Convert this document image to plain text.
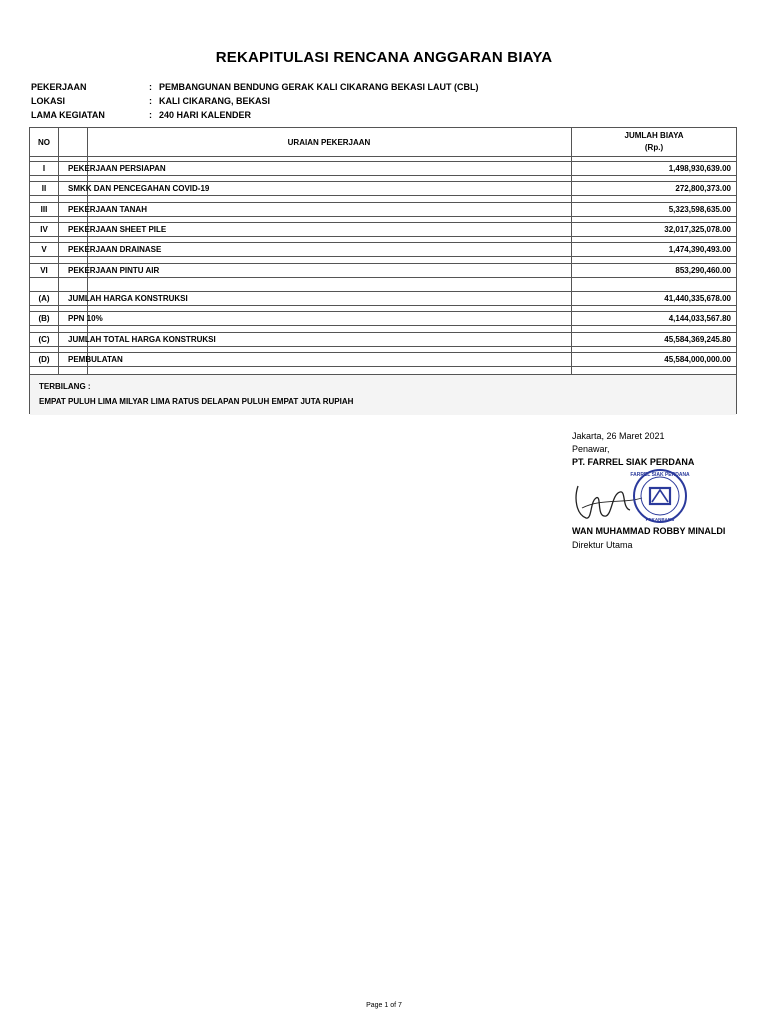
REKAPITULASI RENCANA ANGGARAN BIAYA
PEKERJAAN	: PEMBANGUNAN BENDUNG GERAK KALI CIKARANG BEKASI LAUT (CBL)
LOKASI	: KALI CIKARANG, BEKASI
LAMA KEGIATAN	: 240 HARI KALENDER
NO	URAIAN PEKERJAAN
JUMLAH BIAYA
(Rp.)
I	PEKERJAAN PERSIAPAN	1,498,930,639.00
II	SMKK DAN PENCEGAHAN COVID-19	272,800,373.00
III	PEKERJAAN TANAH	5,323,598,635.00
IV	PEKERJAAN SHEET PILE	32,017,325,078.00
V	PEKERJAAN DRAINASE	1,474,390,493.00
VI	PEKERJAAN PINTU AIR	853,290,460.00
(A)	JUMLAH HARGA KONSTRUKSI	41,440,335,678.00
(B)	PPN 10%	4,144,033,567.80
(C)	JUMLAH TOTAL HARGA KONSTRUKSI	45,584,369,245.80
(D)	PEMBULATAN	45,584,000,000.00
TERBILANG :
EMPAT PULUH LIMA MILYAR LIMA RATUS DELAPAN PULUH EMPAT JUTA RUPIAH
Jakarta, 26 Maret 2021
Penawar,
PT. FARREL SIAK PERDANA
FARREL SIAK PERDANA
PEKANBARU
WAN MUHAMMAD ROBBY MINALDI
Direktur Utama
Page 1 of 7
